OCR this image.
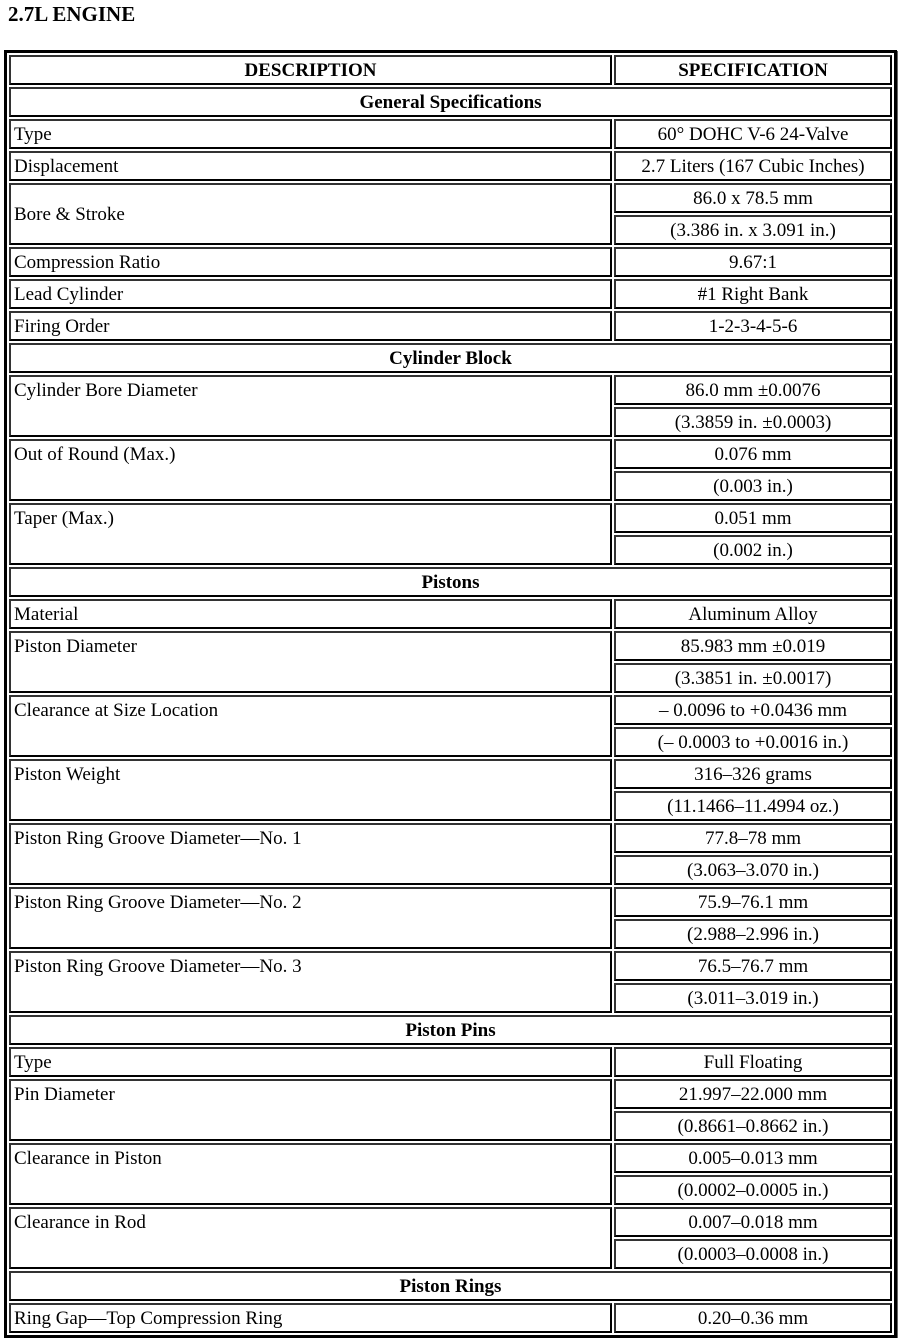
2.7L ENGINE
DESCRIPTION	SPECIFICATION
General Specifications	
Type	60° DOHC V-6 24-Valve
Displacement	2.7 Liters (167 Cubic Inches)
Bore & Stroke	86.0 x 78.5 mm
	(3.386 in. x 3.091 in.)
Compression Ratio	9.67:1
Lead Cylinder	#1 Right Bank
Firing Order	1-2-3-4-5-6
Cylinder Block	
Cylinder Bore Diameter	86.0 mm ±0.0076
	(3.3859 in. ±0.0003)
Out of Round (Max.)	0.076 mm
	(0.003 in.)
Taper (Max.)	0.051 mm
	(0.002 in.)
Pistons	
Material	Aluminum Alloy
Piston Diameter	85.983 mm ±0.019
	(3.3851 in. ±0.0017)
Clearance at Size Location	– 0.0096 to +0.0436 mm
	(– 0.0003 to +0.0016 in.)
Piston Weight	316–326 grams
	(11.1466–11.4994 oz.)
Piston Ring Groove Diameter—No. 1	77.8–78 mm
	(3.063–3.070 in.)
Piston Ring Groove Diameter—No. 2	75.9–76.1 mm
	(2.988–2.996 in.)
Piston Ring Groove Diameter—No. 3	76.5–76.7 mm
	(3.011–3.019 in.)
Piston Pins	
Type	Full Floating
Pin Diameter	21.997–22.000 mm
	(0.8661–0.8662 in.)
Clearance in Piston	0.005–0.013 mm
	(0.0002–0.0005 in.)
Clearance in Rod	0.007–0.018 mm
	(0.0003–0.0008 in.)
Piston Rings	
Ring Gap—Top Compression Ring	0.20–0.36 mm
